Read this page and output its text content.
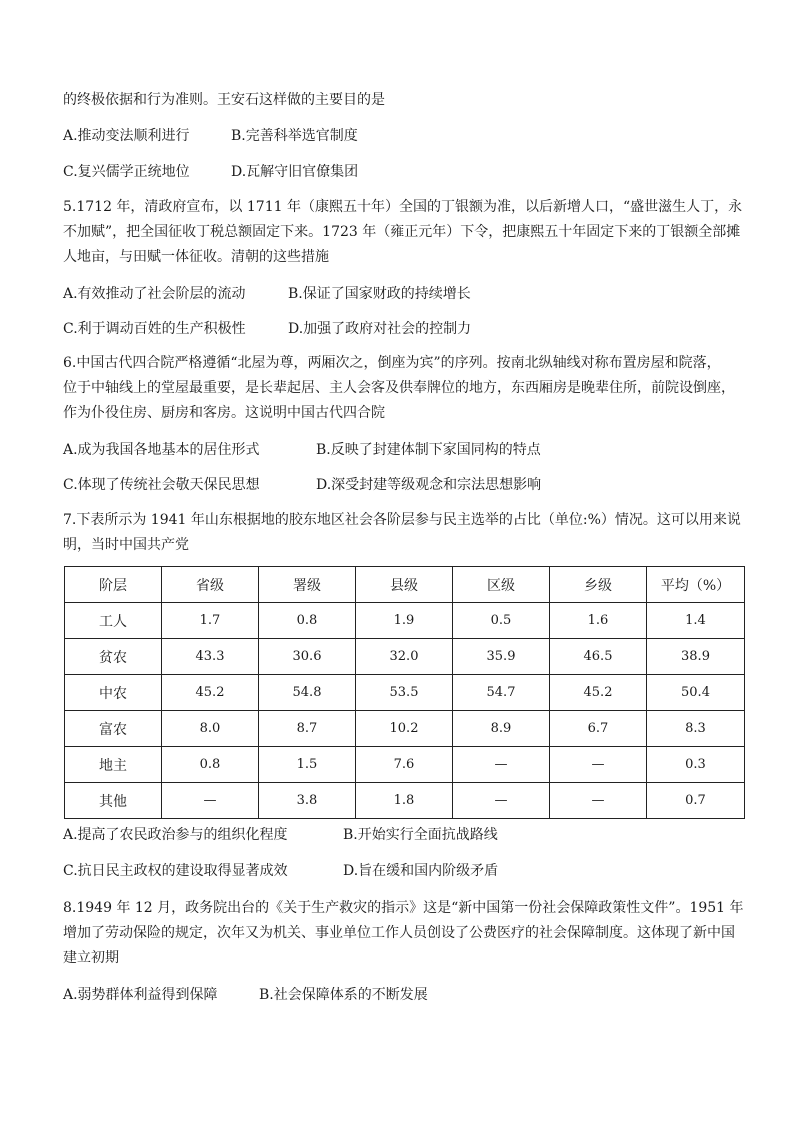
的终极依据和行为准则。王安石这样做的主要目的是
A.推动变法顺利进行	B.完善科举选官制度
C.复兴儒学正统地位	D.瓦解守旧官僚集团
5.1712 年，清政府宣布，以 1711 年（康熙五十年）全国的丁银额为准，以后新增人口，“盛世滋生人丁，永
不加赋”，把全国征收丁税总额固定下来。1723 年（雍正元年）下令，把康熙五十年固定下来的丁银额全部摊
人地亩，与田赋一体征收。清朝的这些措施
A.有效推动了社会阶层的流动	B.保证了国家财政的持续增长
C.利于调动百姓的生产积极性	D.加强了政府对社会的控制力
6.中国古代四合院严格遵循“北屋为尊，两厢次之，倒座为宾”的序列。按南北纵轴线对称布置房屋和院落，
位于中轴线上的堂屋最重要，是长辈起居、主人会客及供奉牌位的地方，东西厢房是晚辈住所，前院设倒座，
作为仆役住房、厨房和客房。这说明中国古代四合院
A.成为我国各地基本的居住形式	B.反映了封建体制下家国同构的特点
C.体现了传统社会敬天保民思想	D.深受封建等级观念和宗法思想影响
7.下表所示为 1941 年山东根据地的胶东地区社会各阶层参与民主选举的占比（单位:%）情况。这可以用来说
明，当时中国共产党
阶层	省级	署级	县级	区级	乡级	平均（%）
工人	1.7	0.8	1.9	0.5	1.6	1.4
贫农	43.3	30.6	32.0	35.9	46.5	38.9
中农	45.2	54.8	53.5	54.7	45.2	50.4
富农	8.0	8.7	10.2	8.9	6.7	8.3
地主	0.8	1.5	7.6	—	—	0.3
其他	—	3.8	1.8	—	—	0.7
A.提高了农民政治参与的组织化程度	B.开始实行全面抗战路线
C.抗日民主政权的建设取得显著成效	D.旨在缓和国内阶级矛盾
8.1949 年 12 月，政务院出台的《关于生产救灾的指示》这是“新中国第一份社会保障政策性文件”。1951 年
增加了劳动保险的规定，次年又为机关、事业单位工作人员创设了公费医疗的社会保障制度。这体现了新中国
建立初期
A.弱势群体利益得到保障	B.社会保障体系的不断发展
